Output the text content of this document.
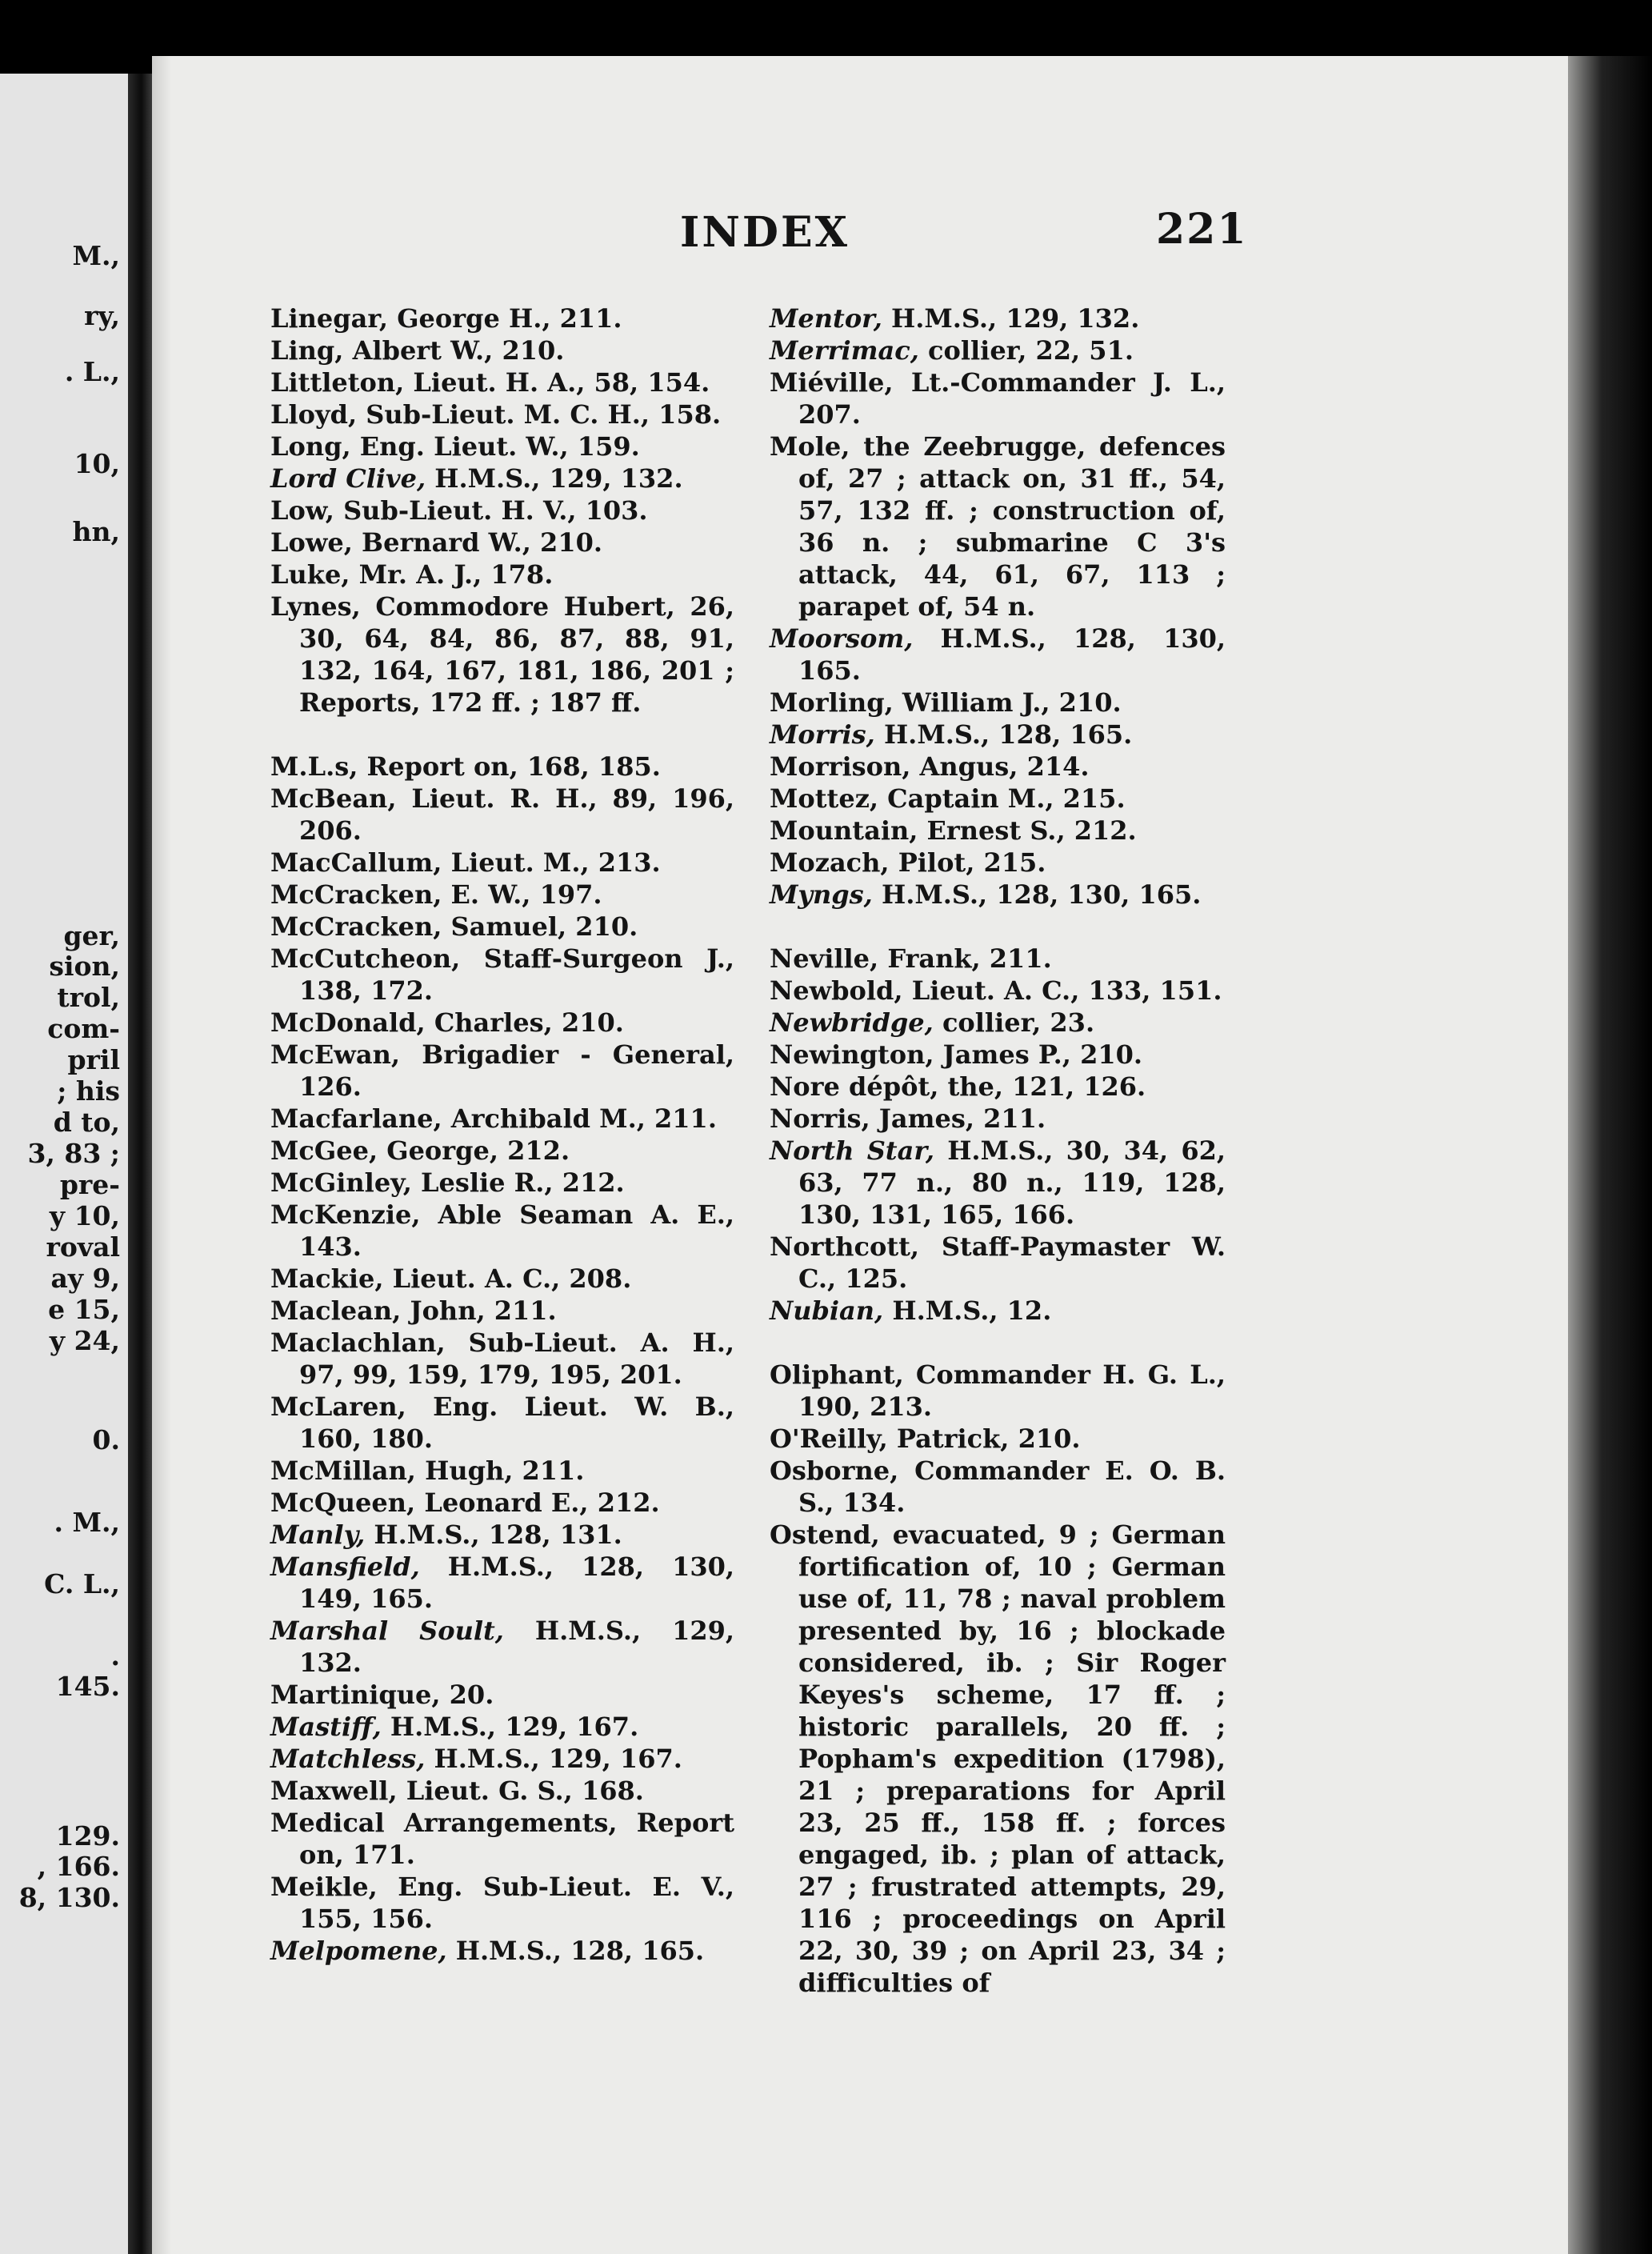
M.,
ry,
. L.,
10,
hn,
ger,
sion,
trol,
com-
pril
; his
d to,
3, 83 ;
pre-
y 10,
roval
ay 9,
e 15,
y 24,
0.
. M.,
C. L.,
.
145.
129.
, 166.
8, 130.
INDEX	221
Linegar, George H., 211.
Ling, Albert W., 210.
Littleton, Lieut. H. A., 58, 154.
Lloyd, Sub-Lieut. M. C. H., 158.
Long, Eng. Lieut. W., 159.
Lord Clive, H.M.S., 129, 132.
Low, Sub-Lieut. H. V., 103.
Lowe, Bernard W., 210.
Luke, Mr. A. J., 178.
Lynes, Commodore Hubert, 26, 30, 64, 84, 86, 87, 88, 91, 132, 164, 167, 181, 186, 201 ; Reports, 172 ff. ; 187 ff.
M.L.s, Report on, 168, 185.
McBean, Lieut. R. H., 89, 196, 206.
MacCallum, Lieut. M., 213.
McCracken, E. W., 197.
McCracken, Samuel, 210.
McCutcheon, Staff-Surgeon J., 138, 172.
McDonald, Charles, 210.
McEwan, Brigadier - General, 126.
Macfarlane, Archibald M., 211.
McGee, George, 212.
McGinley, Leslie R., 212.
McKenzie, Able Seaman A. E., 143.
Mackie, Lieut. A. C., 208.
Maclean, John, 211.
Maclachlan, Sub-Lieut. A. H., 97, 99, 159, 179, 195, 201.
McLaren, Eng. Lieut. W. B., 160, 180.
McMillan, Hugh, 211.
McQueen, Leonard E., 212.
Manly, H.M.S., 128, 131.
Mansfield, H.M.S., 128, 130, 149, 165.
Marshal Soult, H.M.S., 129, 132.
Martinique, 20.
Mastiff, H.M.S., 129, 167.
Matchless, H.M.S., 129, 167.
Maxwell, Lieut. G. S., 168.
Medical Arrangements, Report on, 171.
Meikle, Eng. Sub-Lieut. E. V., 155, 156.
Melpomene, H.M.S., 128, 165.
Mentor, H.M.S., 129, 132.
Merrimac, collier, 22, 51.
Miéville, Lt.-Commander J. L., 207.
Mole, the Zeebrugge, defences of, 27 ; attack on, 31 ff., 54, 57, 132 ff. ; construction of, 36 n. ; submarine C 3's attack, 44, 61, 67, 113 ; parapet of, 54 n.
Moorsom, H.M.S., 128, 130, 165.
Morling, William J., 210.
Morris, H.M.S., 128, 165.
Morrison, Angus, 214.
Mottez, Captain M., 215.
Mountain, Ernest S., 212.
Mozach, Pilot, 215.
Myngs, H.M.S., 128, 130, 165.
Neville, Frank, 211.
Newbold, Lieut. A. C., 133, 151.
Newbridge, collier, 23.
Newington, James P., 210.
Nore dépôt, the, 121, 126.
Norris, James, 211.
North Star, H.M.S., 30, 34, 62, 63, 77 n., 80 n., 119, 128, 130, 131, 165, 166.
Northcott, Staff-Paymaster W. C., 125.
Nubian, H.M.S., 12.
Oliphant, Commander H. G. L., 190, 213.
O'Reilly, Patrick, 210.
Osborne, Commander E. O. B. S., 134.
Ostend, evacuated, 9 ; German fortification of, 10 ; German use of, 11, 78 ; naval problem presented by, 16 ; blockade considered, ib. ; Sir Roger Keyes's scheme, 17 ff. ; historic parallels, 20 ff. ; Popham's expedition (1798), 21 ; preparations for April 23, 25 ff., 158 ff. ; forces engaged, ib. ; plan of attack, 27 ; frustrated attempts, 29, 116 ; proceedings on April 22, 30, 39 ; on April 23, 34 ; difficulties of
